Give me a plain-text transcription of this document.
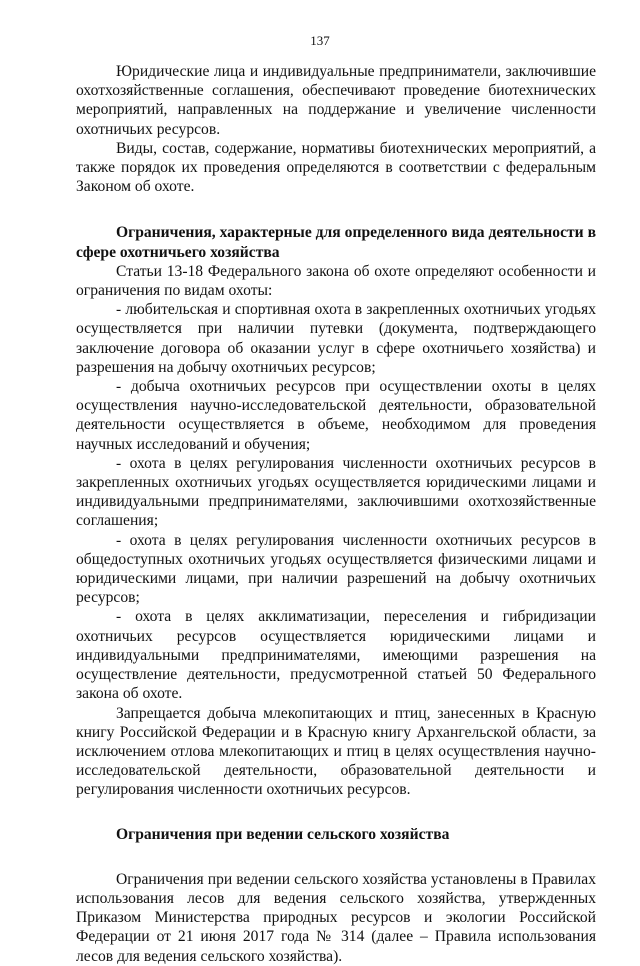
137

Юридические лица и индивидуальные предприниматели, заключившие охотхозяйственные соглашения, обеспечивают проведение биотехнических мероприятий, направленных на поддержание и увеличение численности охотничьих ресурсов.

Виды, состав, содержание, нормативы биотехнических мероприятий, а также порядок их проведения определяются в соответствии с федеральным Законом об охоте.

Ограничения, характерные для определенного вида деятельности в сфере охотничьего хозяйства

Статьи 13-18 Федерального закона об охоте определяют особенности и ограничения по видам охоты:

- любительская и спортивная охота в закрепленных охотничьих угодьях осуществляется при наличии путевки (документа, подтверждающего заключение договора об оказании услуг в сфере охотничьего хозяйства) и разрешения на добычу охотничьих ресурсов;

- добыча охотничьих ресурсов при осуществлении охоты в целях осуществления научно-исследовательской деятельности, образовательной деятельности осуществляется в объеме, необходимом для проведения научных исследований и обучения;

- охота в целях регулирования численности охотничьих ресурсов в закрепленных охотничьих угодьях осуществляется юридическими лицами и индивидуальными предпринимателями, заключившими охотхозяйственные соглашения;

- охота в целях регулирования численности охотничьих ресурсов в общедоступных охотничьих угодьях осуществляется физическими лицами и юридическими лицами, при наличии разрешений на добычу охотничьих ресурсов;

- охота в целях акклиматизации, переселения и гибридизации охотничьих ресурсов осуществляется юридическими лицами и индивидуальными предпринимателями, имеющими разрешения на осуществление деятельности, предусмотренной статьей 50 Федерального закона об охоте.

Запрещается добыча млекопитающих и птиц, занесенных в Красную книгу Российской Федерации и в Красную книгу Архангельской области, за исключением отлова млекопитающих и птиц в целях осуществления научно-исследовательской деятельности, образовательной деятельности и регулирования численности охотничьих ресурсов.

Ограничения при ведении сельского хозяйства

Ограничения при ведении сельского хозяйства установлены в Правилах использования лесов для ведения сельского хозяйства, утвержденных Приказом Министерства природных ресурсов и экологии Российской Федерации от 21 июня 2017 года № 314 (далее – Правила использования лесов для ведения сельского хозяйства).
